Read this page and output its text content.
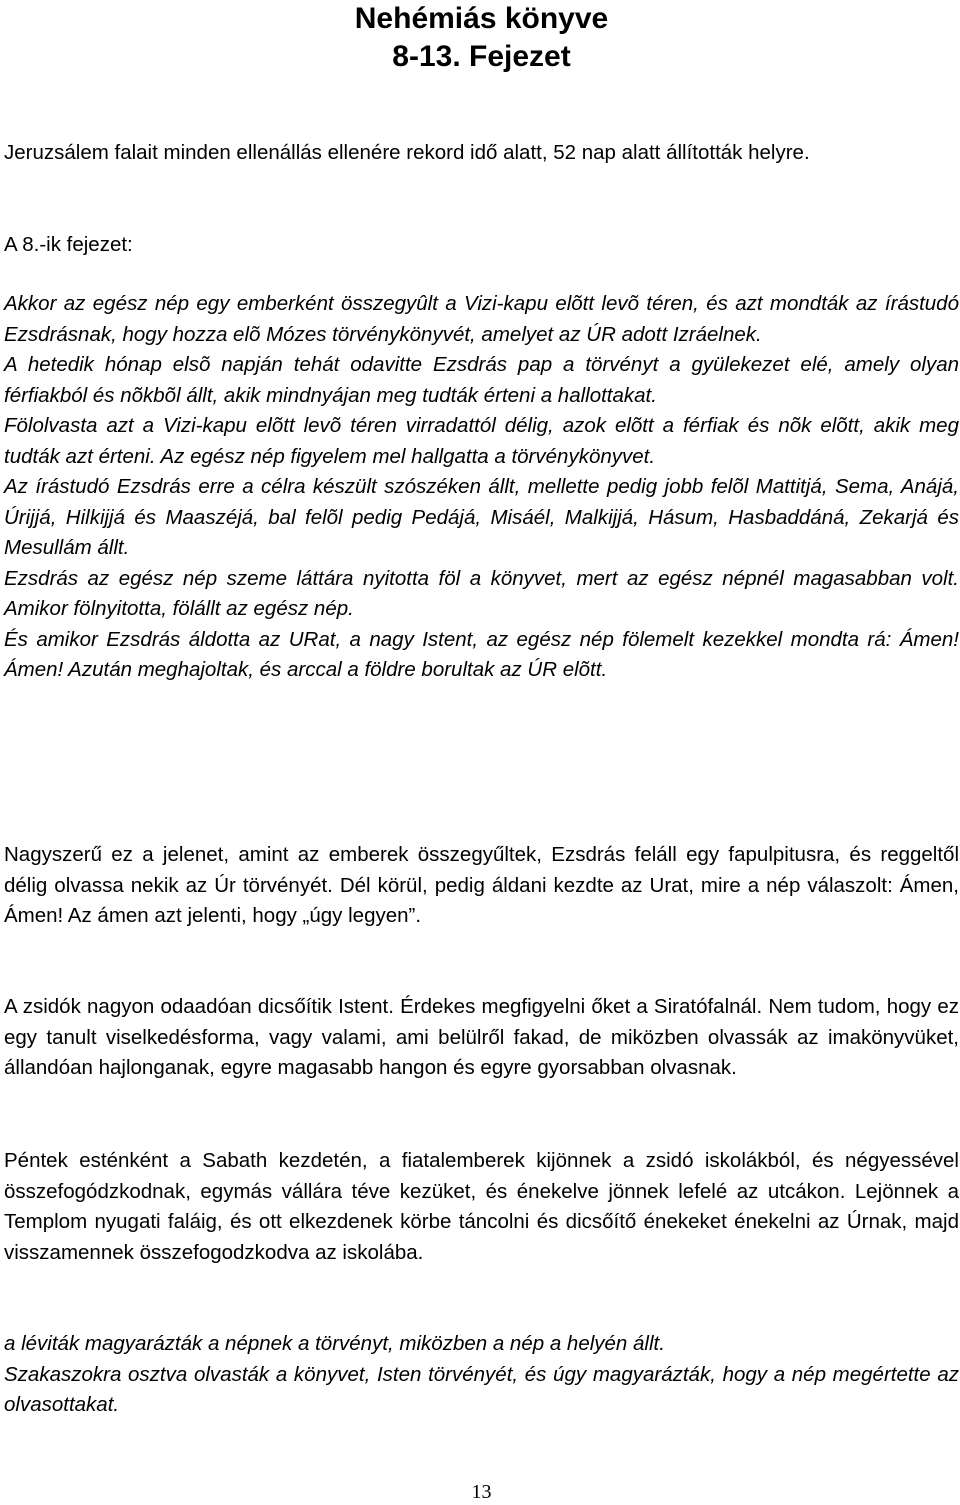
Nehémiás könyve
8-13. Fejezet

Jeruzsálem falait minden ellenállás ellenére rekord idő alatt, 52 nap alatt állították helyre.

A 8.-ik fejezet:

Akkor az egész nép egy emberként összegyûlt a Vizi-kapu elõtt levõ téren, és azt mondták az írástudó Ezsdrásnak, hogy hozza elõ Mózes törvénykönyvét, amelyet az ÚR adott Izráelnek.

A hetedik hónap elsõ napján tehát odavitte Ezsdrás pap a törvényt a gyülekezet elé, amely olyan férfiakból és nõkbõl állt, akik mindnyájan meg tudták érteni a hallottakat.

Fölolvasta azt a Vizi-kapu elõtt levõ téren virradattól délig, azok elõtt a férfiak és nõk elõtt, akik meg tudták azt érteni. Az egész nép figyelem mel hallgatta a törvénykönyvet.

Az írástudó Ezsdrás erre a célra készült szószéken állt, mellette pedig jobb felõl Mattitjá, Sema, Anájá, Úrijjá, Hilkijjá és Maaszéjá, bal felõl pedig Pedájá, Misáél, Malkijjá, Hásum, Hasbaddáná, Zekarjá és Mesullám állt.

Ezsdrás az egész nép szeme láttára nyitotta föl a könyvet, mert az egész népnél magasabban volt. Amikor fölnyitotta, fölállt az egész nép.

És amikor Ezsdrás áldotta az URat, a nagy Istent, az egész nép fölemelt kezekkel mondta rá: Ámen! Ámen! Azután meghajoltak, és arccal a földre borultak az ÚR elõtt.

Nagyszerű ez a jelenet, amint az emberek összegyűltek, Ezsdrás feláll egy fapulpitusra, és reggeltől délig olvassa nekik az Úr törvényét. Dél körül, pedig áldani kezdte az Urat, mire a nép válaszolt: Ámen, Ámen! Az ámen azt jelenti, hogy „úgy legyen”.

A zsidók nagyon odaadóan dicsőítik Istent. Érdekes megfigyelni őket a Siratófalnál. Nem tudom, hogy ez egy tanult viselkedésforma, vagy valami, ami belülről fakad, de miközben olvassák az imakönyvüket, állandóan hajlonganak, egyre magasabb hangon és egyre gyorsabban olvasnak.

Péntek esténként a Sabath kezdetén, a fiatalemberek kijönnek a zsidó iskolákból, és négyessével összefogódzkodnak, egymás vállára téve kezüket, és énekelve jönnek lefelé az utcákon. Lejönnek a Templom nyugati faláig, és ott elkezdenek körbe táncolni és dicsőítő énekeket énekelni az Úrnak, majd visszamennek összefogodzkodva az iskolába.

a léviták magyarázták a népnek a törvényt, miközben a nép a helyén állt.

Szakaszokra osztva olvasták a könyvet, Isten törvényét, és úgy magyarázták, hogy a nép megértette az olvasottakat.

13
